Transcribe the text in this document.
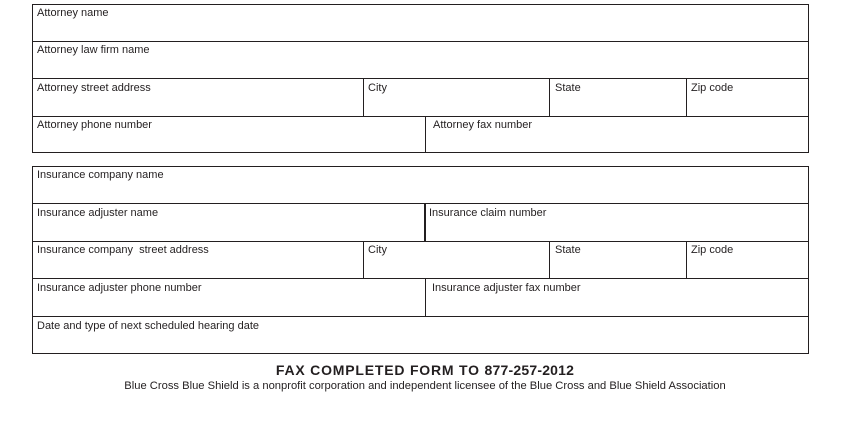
Attorney name
Attorney law firm name
Attorney street address	City	State	Zip code
Attorney phone number	Attorney fax number
Insurance company name
Insurance adjuster name	Insurance claim number
Insurance company  street address	City	State	Zip code
Insurance adjuster phone number	Insurance adjuster fax number
Date and type of next scheduled hearing date
FAX COMPLETED FORM TO 877-257-2012
Blue Cross Blue Shield is a nonprofit corporation and independent licensee of the Blue Cross and Blue Shield Association
